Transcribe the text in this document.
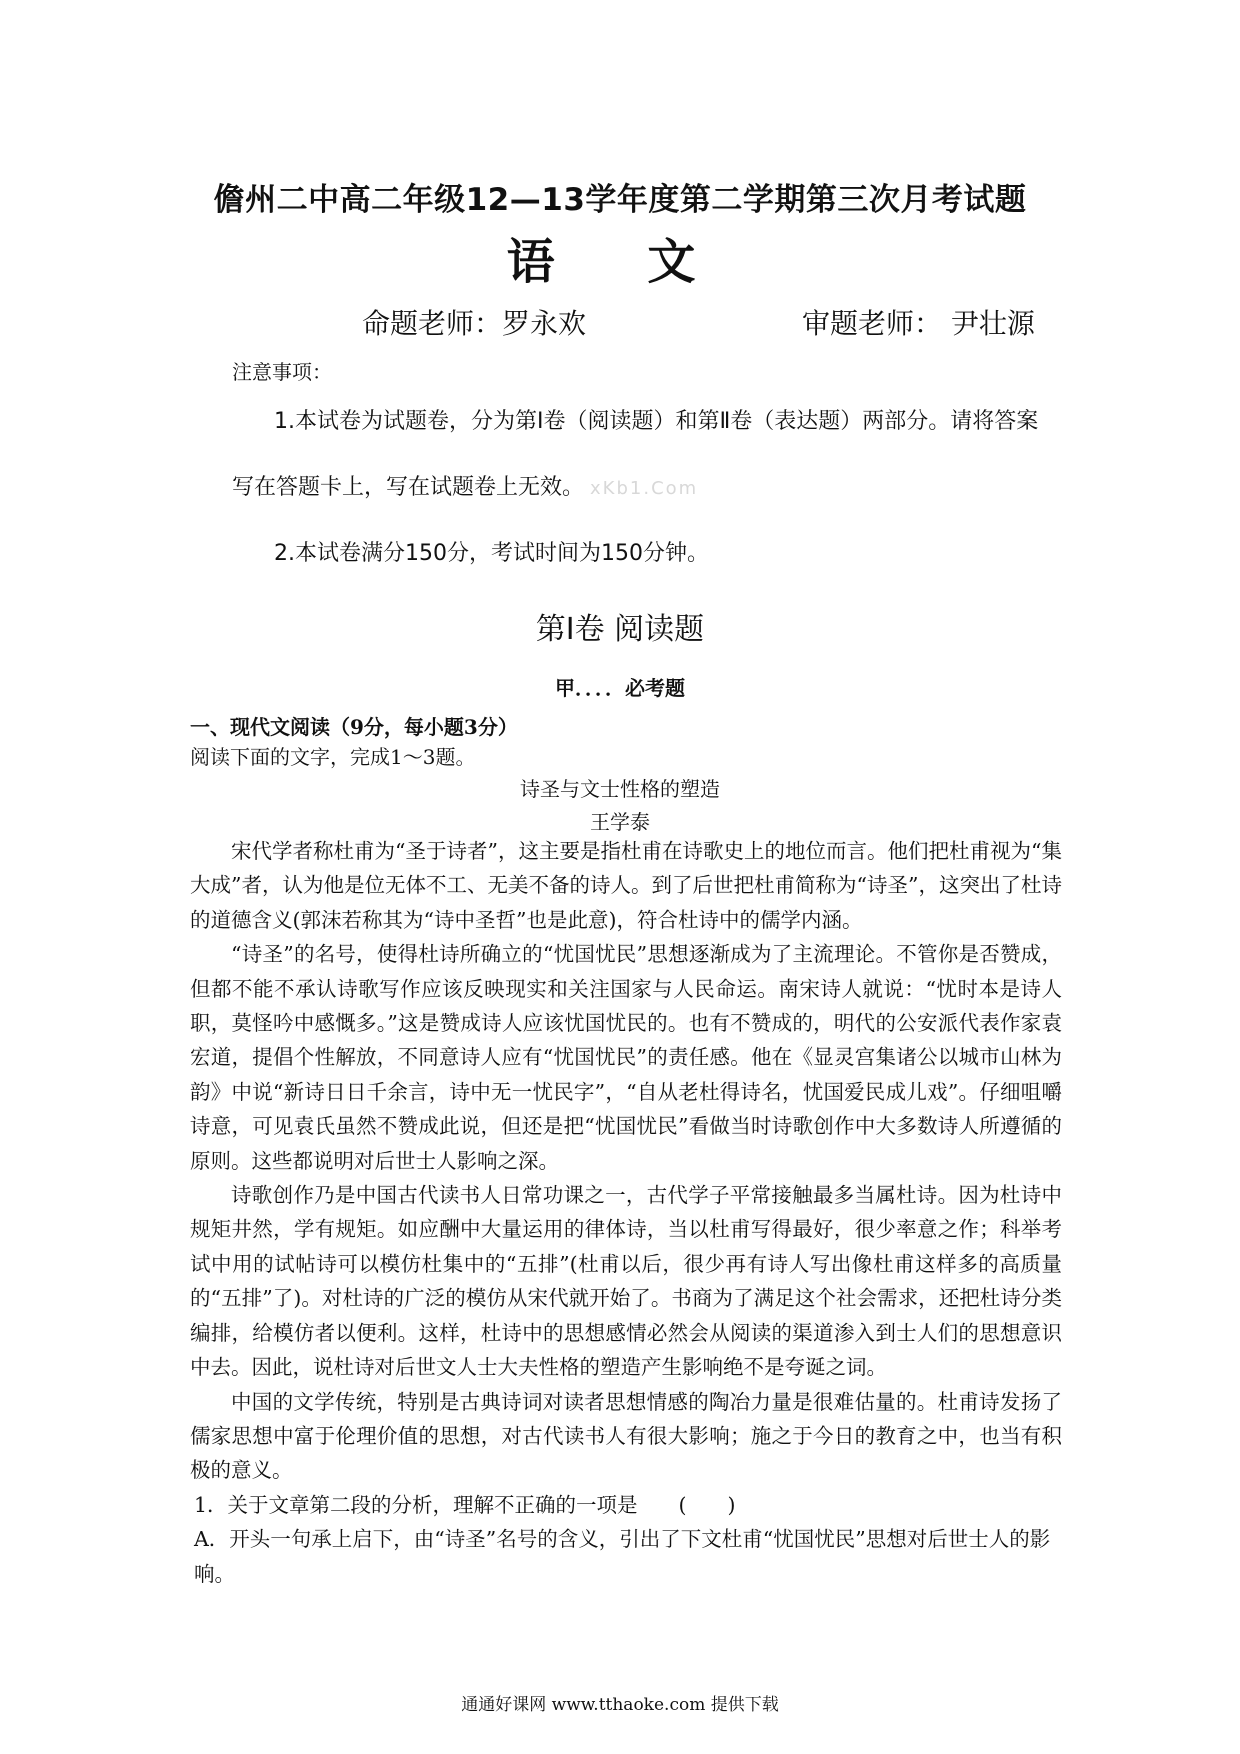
儋州二中高二年级12—13学年度第二学期第三次月考试题
语 文
命题老师：罗永欢	审题老师： 尹壮源
注意事项：
1.本试卷为试题卷，分为第Ⅰ卷（阅读题）和第Ⅱ卷（表达题）两部分。请将答案
写在答题卡上，写在试题卷上无效。 xKb1.Com
2.本试卷满分150分，考试时间为150分钟。
第Ⅰ卷 阅读题
甲．．．．必考题
一、现代文阅读（9分，每小题3分）
阅读下面的文字，完成1～3题。
诗圣与文士性格的塑造
王学泰

宋代学者称杜甫为“圣于诗者”，这主要是指杜甫在诗歌史上的地位而言。他们把杜甫视为“集大成”者，认为他是位无体不工、无美不备的诗人。到了后世把杜甫简称为“诗圣”，这突出了杜诗的道德含义(郭沫若称其为“诗中圣哲”也是此意)，符合杜诗中的儒学内涵。

“诗圣”的名号，使得杜诗所确立的“忧国忧民”思想逐渐成为了主流理论。不管你是否赞成，但都不能不承认诗歌写作应该反映现实和关注国家与人民命运。南宋诗人就说：“忧时本是诗人职，莫怪吟中感慨多。”这是赞成诗人应该忧国忧民的。也有不赞成的，明代的公安派代表作家袁宏道，提倡个性解放，不同意诗人应有“忧国忧民”的责任感。他在《显灵宫集诸公以城市山林为韵》中说“新诗日日千余言，诗中无一忧民字”，“自从老杜得诗名，忧国爱民成儿戏”。仔细咀嚼诗意，可见袁氏虽然不赞成此说，但还是把“忧国忧民”看做当时诗歌创作中大多数诗人所遵循的原则。这些都说明对后世士人影响之深。

诗歌创作乃是中国古代读书人日常功课之一，古代学子平常接触最多当属杜诗。因为杜诗中规矩井然，学有规矩。如应酬中大量运用的律体诗，当以杜甫写得最好，很少率意之作；科举考试中用的试帖诗可以模仿杜集中的“五排”(杜甫以后，很少再有诗人写出像杜甫这样多的高质量的“五排”了)。对杜诗的广泛的模仿从宋代就开始了。书商为了满足这个社会需求，还把杜诗分类编排，给模仿者以便利。这样，杜诗中的思想感情必然会从阅读的渠道渗入到士人们的思想意识中去。因此，说杜诗对后世文人士大夫性格的塑造产生影响绝不是夸诞之词。

中国的文学传统，特别是古典诗词对读者思想情感的陶冶力量是很难估量的。杜甫诗发扬了儒家思想中富于伦理价值的思想，对古代读书人有很大影响；施之于今日的教育之中，也当有积极的意义。

1．关于文章第二段的分析，理解不正确的一项是　　(　　)
A．开头一句承上启下，由“诗圣”名号的含义，引出了下文杜甫“忧国忧民”思想对后世士人的影响。
通通好课网 www.tthaoke.com 提供下载
